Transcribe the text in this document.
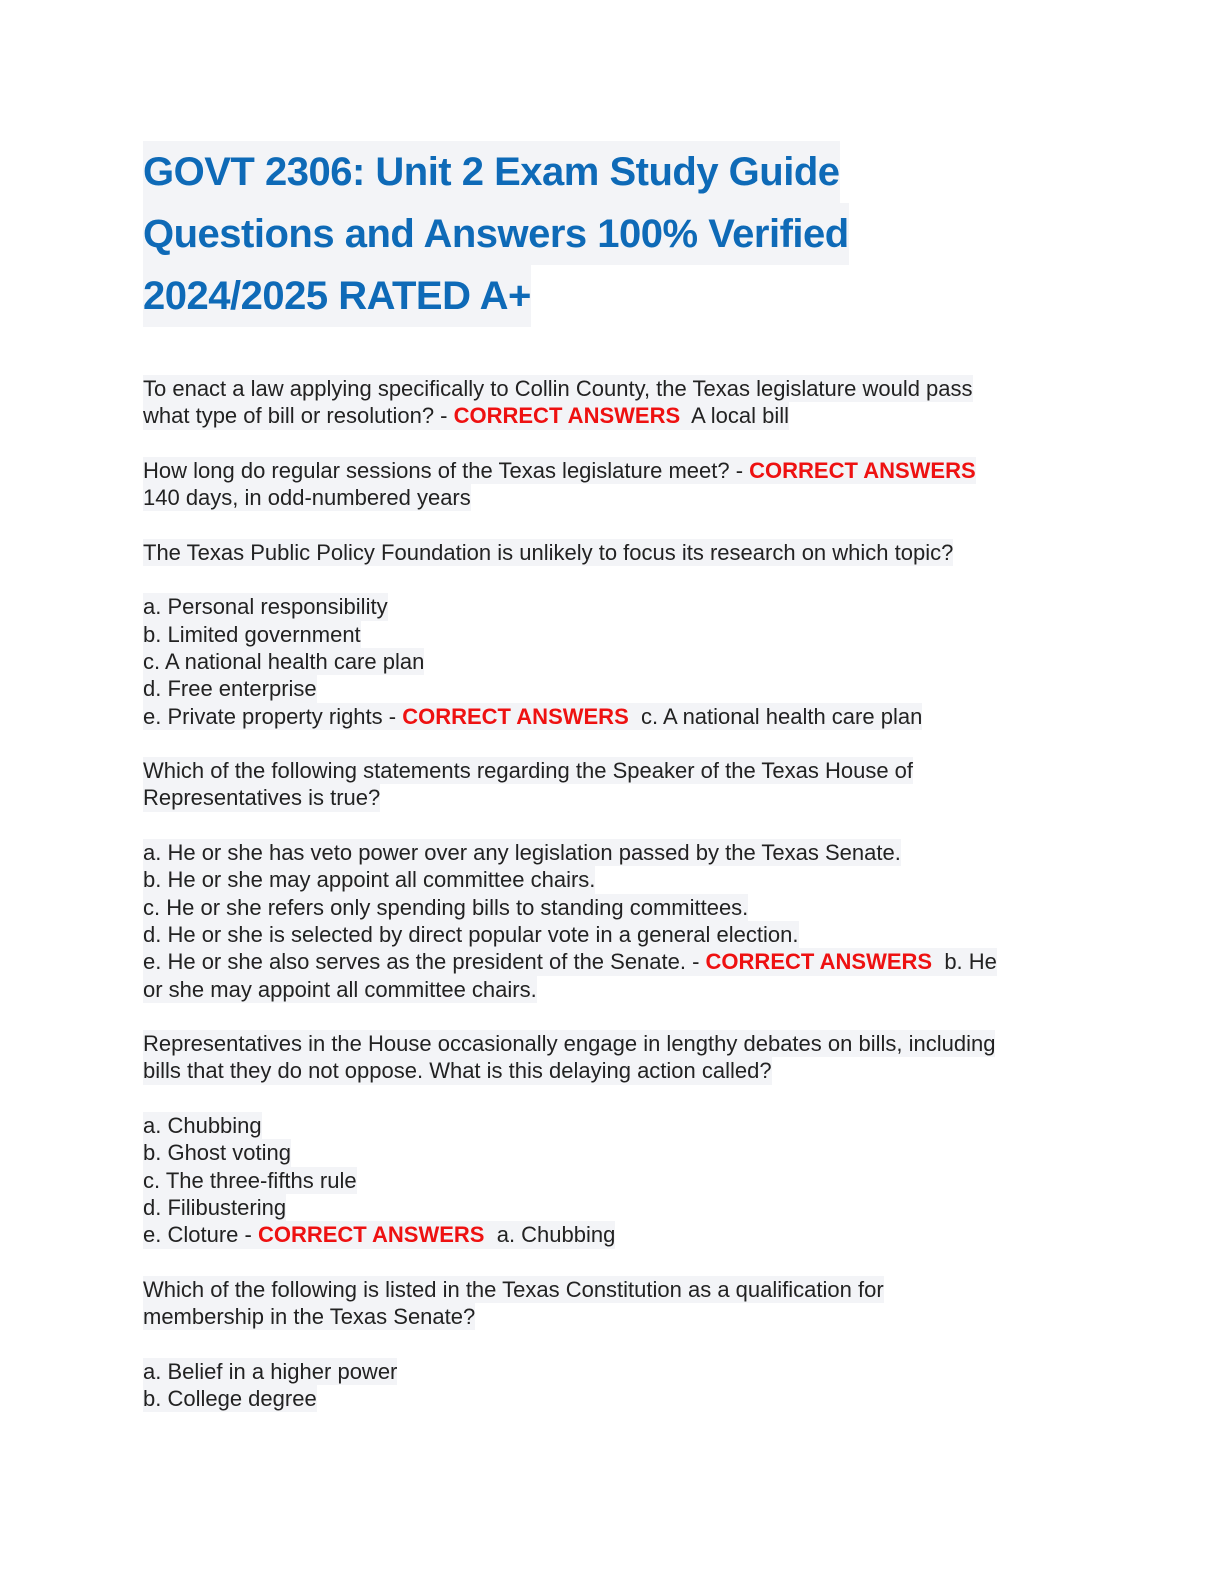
GOVT 2306: Unit 2 Exam Study Guide
Questions and Answers 100% Verified
2024/2025 RATED A+
To enact a law applying specifically to Collin County, the Texas legislature would pass
what type of bill or resolution? - CORRECT ANSWERS A local bill
How long do regular sessions of the Texas legislature meet? - CORRECT ANSWERS
140 days, in odd-numbered years
The Texas Public Policy Foundation is unlikely to focus its research on which topic?
a. Personal responsibility
b. Limited government
c. A national health care plan
d. Free enterprise
e. Private property rights - CORRECT ANSWERS c. A national health care plan
Which of the following statements regarding the Speaker of the Texas House of
Representatives is true?
a. He or she has veto power over any legislation passed by the Texas Senate.
b. He or she may appoint all committee chairs.
c. He or she refers only spending bills to standing committees.
d. He or she is selected by direct popular vote in a general election.
e. He or she also serves as the president of the Senate. - CORRECT ANSWERS b. He
or she may appoint all committee chairs.
Representatives in the House occasionally engage in lengthy debates on bills, including
bills that they do not oppose. What is this delaying action called?
a. Chubbing
b. Ghost voting
c. The three-fifths rule
d. Filibustering
e. Cloture - CORRECT ANSWERS a. Chubbing
Which of the following is listed in the Texas Constitution as a qualification for
membership in the Texas Senate?
a. Belief in a higher power
b. College degree
